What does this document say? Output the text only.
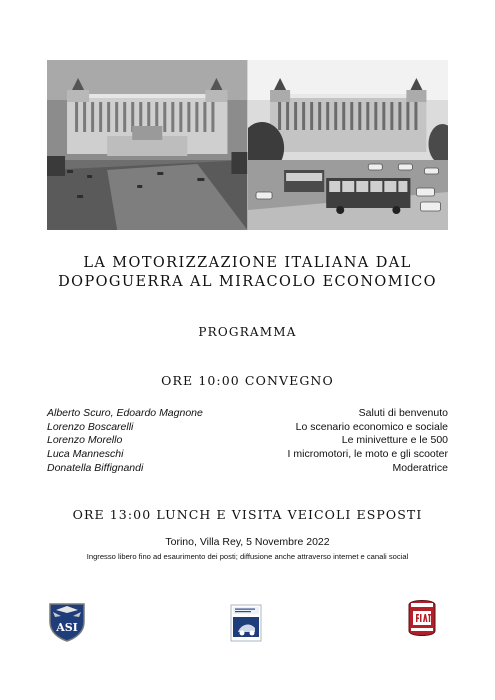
LA MOTORIZZAZIONE ITALIANA DAL DOPOGUERRA AL MIRACOLO ECONOMICO
PROGRAMMA
ORE 10:00 CONVEGNO
Alberto Scuro, Edoardo Magnone	Saluti di benvenuto
Lorenzo Boscarelli	Lo scenario economico e sociale
Lorenzo Morello	Le minivetture e le 500
Luca Manneschi	I micromotori, le moto e gli scooter
Donatella Biffignandi	Moderatrice
ORE 13:00 LUNCH E VISITA VEICOLI ESPOSTI
Torino, Villa Rey, 5 Novembre 2022
Ingresso libero fino ad esaurimento dei posti; diffusione anche attraverso internet e canali social
ASI
